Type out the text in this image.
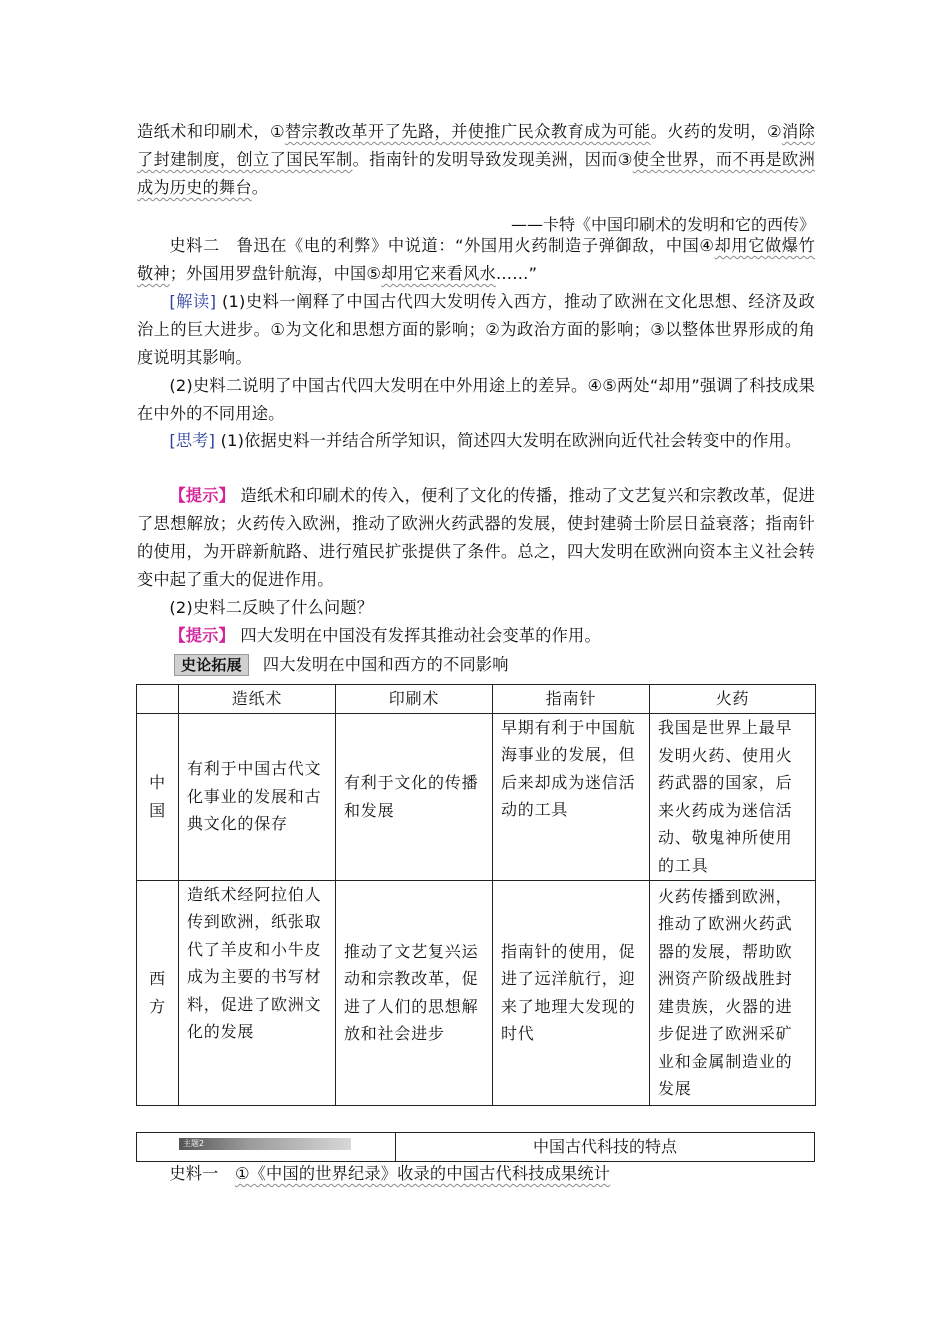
造纸术和印刷术，①替宗教改革开了先路，并使推广民众教育成为可能。火药的发明，②消除了封建制度，创立了国民军制。指南针的发明导致发现美洲，因而③使全世界，而不再是欧洲成为历史的舞台。
——卡特《中国印刷术的发明和它的西传》
史料二　鲁迅在《电的利弊》中说道：“外国用火药制造子弹御敌，中国④却用它做爆竹敬神；外国用罗盘针航海，中国⑤却用它来看风水……”
[解读] (1)史料一阐释了中国古代四大发明传入西方，推动了欧洲在文化思想、经济及政治上的巨大进步。①为文化和思想方面的影响；②为政治方面的影响；③以整体世界形成的角度说明其影响。
(2)史料二说明了中国古代四大发明在中外用途上的差异。④⑤两处“却用”强调了科技成果在中外的不同用途。
[思考] (1)依据史料一并结合所学知识，简述四大发明在欧洲向近代社会转变中的作用。
【提示】 造纸术和印刷术的传入，便利了文化的传播，推动了文艺复兴和宗教改革，促进了思想解放；火药传入欧洲，推动了欧洲火药武器的发展，使封建骑士阶层日益衰落；指南针的使用，为开辟新航路、进行殖民扩张提供了条件。总之，四大发明在欧洲向资本主义社会转变中起了重大的促进作用。
(2)史料二反映了什么问题？
【提示】 四大发明在中国没有发挥其推动社会变革的作用。
史论拓展 四大发明在中国和西方的不同影响
	造纸术	印刷术	指南针	火药
中国	有利于中国古代文化事业的发展和古典文化的保存	有利于文化的传播和发展	早期有利于中国航海事业的发展，但后来却成为迷信活动的工具	我国是世界上最早发明火药、使用火药武器的国家，后来火药成为迷信活动、敬鬼神所使用的工具
西方	造纸术经阿拉伯人传到欧洲，纸张取代了羊皮和小牛皮成为主要的书写材料，促进了欧洲文化的发展	推动了文艺复兴运动和宗教改革，促进了人们的思想解放和社会进步	指南针的使用，促进了远洋航行，迎来了地理大发现的时代	火药传播到欧洲，推动了欧洲火药武器的发展，帮助欧洲资产阶级战胜封建贵族，火器的进步促进了欧洲采矿业和金属制造业的发展
主题2	中国古代科技的特点
史料一　①《中国的世界纪录》收录的中国古代科技成果统计
